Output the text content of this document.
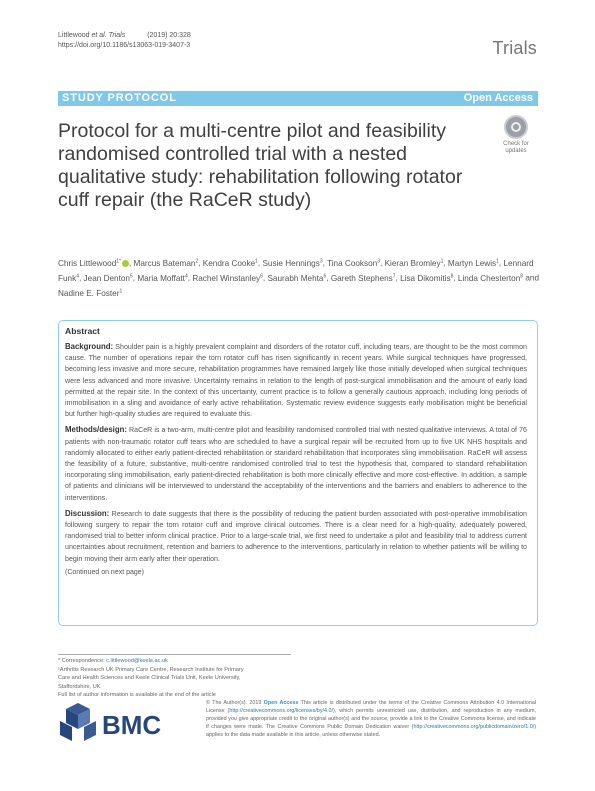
Littlewood et al. Trials	(2019) 20:328
https://doi.org/10.1186/s13063-019-3407-3	Trials
STUDY PROTOCOL	Open Access
Protocol for a multi-centre pilot and feasibility randomised controlled trial with a nested qualitative study: rehabilitation following rotator cuff repair (the RaCeR study)
Check for
updates
Chris Littlewood$^{1*}$ , Marcus Bateman$^2$, Kendra Cooke$^1$, Susie Hennings$^3$, Tina Cookson$^3$, Kieran Bromley$^1$, Martyn Lewis$^1$, Lennard Funk$^4$, Jean Denton$^5$, Maria Moffatt$^4$, Rachel Winstanley$^6$, Saurabh Mehta$^6$, Gareth Stephens$^7$, Lisa Dikomitis$^8$, Linda Chesterton$^8$ and Nadine E. Foster$^1$
Abstract

Background: Shoulder pain is a highly prevalent complaint and disorders of the rotator cuff, including tears, are thought to be the most common cause. The number of operations repair the torn rotator cuff has risen significantly in recent years. While surgical techniques have progressed, becoming less invasive and more secure, rehabilitation programmes have remained largely like those initially developed when surgical techniques were less advanced and more invasive. Uncertainty remains in relation to the length of post-surgical immobilisation and the amount of early load permitted at the repair site. In the context of this uncertainty, current practice is to follow a generally cautious approach, including long periods of immobilisation in a sling and avoidance of early active rehabilitation. Systematic review evidence suggests early mobilisation might be beneficial but further high-quality studies are required to evaluate this.

Methods/design: RaCeR is a two-arm, multi-centre pilot and feasibility randomised controlled trial with nested qualitative interviews. A total of 76 patients with non-traumatic rotator cuff tears who are scheduled to have a surgical repair will be recruited from up to five UK NHS hospitals and randomly allocated to either early patient-directed rehabilitation or standard rehabilitation that incorporates sling immobilisation. RaCeR will assess the feasibility of a future, substantive, multi-centre randomised controlled trial to test the hypothesis that, compared to standard rehabilitation incorporating sling immobilisation, early patient-directed rehabilitation is both more clinically effective and more cost-effective. In addition, a sample of patients and clinicians will be interviewed to understand the acceptability of the interventions and the barriers and enablers to adherence to the interventions.

Discussion: Research to date suggests that there is the possibility of reducing the patient burden associated with post-operative immobilisation following surgery to repair the torn rotator cuff and improve clinical outcomes. There is a clear need for a high-quality, adequately powered, randomised trial to better inform clinical practice. Prior to a large-scale trial, we first need to undertake a pilot and feasibility trial to address current uncertainties about recruitment, retention and barriers to adherence to the interventions, particularly in relation to whether patients will be willing to begin moving their arm early after their operation.

(Continued on next page)
* Correspondence: c.littlewood@keele.ac.uk
¹Arthritis Research UK Primary Care Centre, Research Institute for Primary
Care and Health Sciences and Keele Clinical Trials Unit, Keele University,
Staffordshire, UK
Full list of author information is available at the end of the article
BMC
© The Author(s). 2019 Open Access This article is distributed under the terms of the Creative Commons Attribution 4.0 International License (http://creativecommons.org/licenses/by/4.0/), which permits unrestricted use, distribution, and reproduction in any medium, provided you give appropriate credit to the original author(s) and the source, provide a link to the Creative Commons license, and indicate if changes were made. The Creative Commons Public Domain Dedication waiver (http://creativecommons.org/publicdomain/zero/1.0/) applies to the data made available in this article, unless otherwise stated.
